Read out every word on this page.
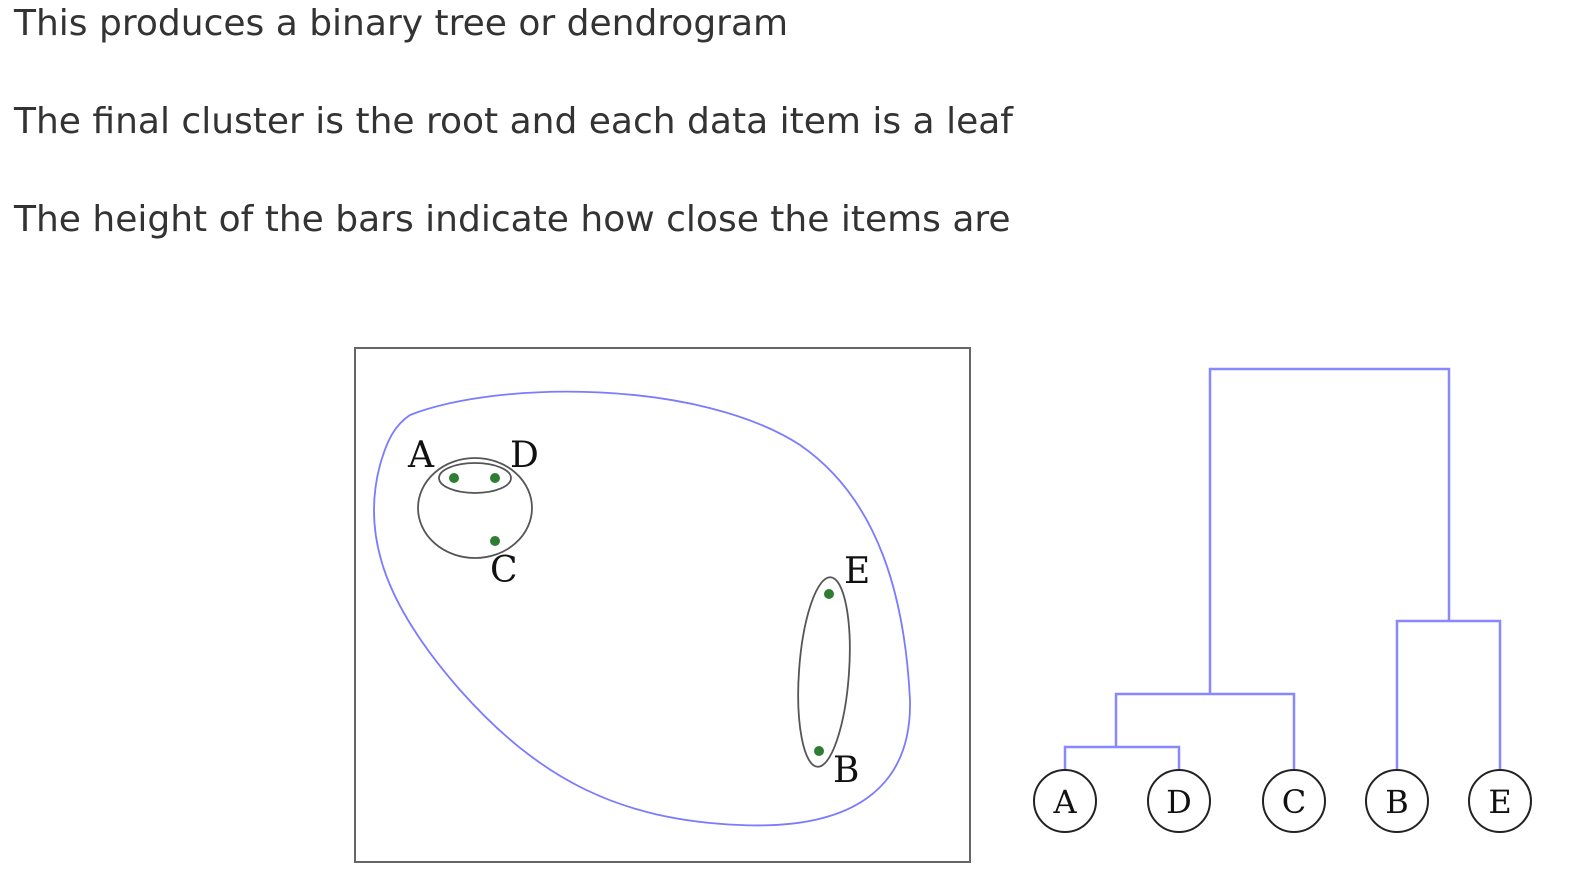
This produces a binary tree or dendrogram
The final cluster is the root and each data item is a leaf
The height of the bars indicate how close the items are
A D
C	E
B
A	D	C B E
